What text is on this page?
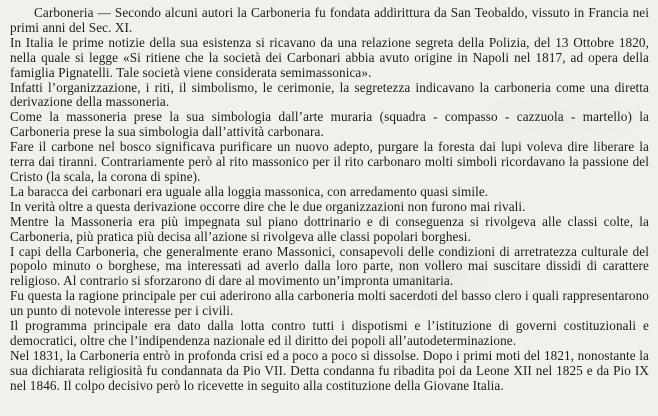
Carboneria — Secondo alcuni autori la Carboneria fu fondata addirittura da San Teobaldo, vissuto in Francia nei primi anni del Sec. XI.

In Italia le prime notizie della sua esistenza si ricavano da una relazione segreta della Polizia, del 13 Ottobre 1820, nella quale si legge «Si ritiene che la società dei Carbonari abbia avuto origine in Napoli nel 1817, ad opera della famiglia Pignatelli. Tale società viene considerata semimassonica».

Infatti l’organizzazione, i riti, il simbolismo, le cerimonie, la segretezza indicavano la carboneria come una diretta derivazione della massoneria.

Come la massoneria prese la sua simbologia dall’arte muraria (squadra - compasso - cazzuola - martello) la Carboneria prese la sua simbologia dall’attività carbonara.

Fare il carbone nel bosco significava purificare un nuovo adepto, purgare la foresta dai lupi voleva dire liberare la terra dai tiranni. Contrariamente però al rito massonico per il rito carbonaro molti simboli ricordavano la passione del Cristo (la scala, la corona di spine).

La baracca dei carbonari era uguale alla loggia massonica, con arredamento quasi simile.

In verità oltre a questa derivazione occorre dire che le due organizzazioni non furono mai rivali.

Mentre la Massoneria era più impegnata sul piano dottrinario e di conseguenza si rivolgeva alle classi colte, la Carboneria, più pratica più decisa all’azione si rivolgeva alle classi popolari borghesi.

I capi della Carboneria, che generalmente erano Massonici, consapevoli delle condizioni di arretratezza culturale del popolo minuto o borghese, ma interessati ad averlo dalla loro parte, non vollero mai suscitare dissidi di carattere religioso. Al contrario si sforzarono di dare al movimento un’impronta umanitaria.

Fu questa la ragione principale per cui aderirono alla carboneria molti sacerdoti del basso clero i quali rappresentarono un punto di notevole interesse per i civili.

Il programma principale era dato dalla lotta contro tutti i dispotismi e l’istituzione di governi costituzionali e democratici, oltre che l’indipendenza nazionale ed il diritto dei popoli all’autodeterminazione.

Nel 1831, la Carboneria entrò in profonda crisi ed a poco a poco si dissolse. Dopo i primi moti del 1821, nonostante la sua dichiarata religiosità fu condannata da Pio VII. Detta condanna fu ribadita poi da Leone XII nel 1825 e da Pio IX nel 1846. Il colpo decisivo però lo ricevette in seguito alla costituzione della Giovane Italia.
